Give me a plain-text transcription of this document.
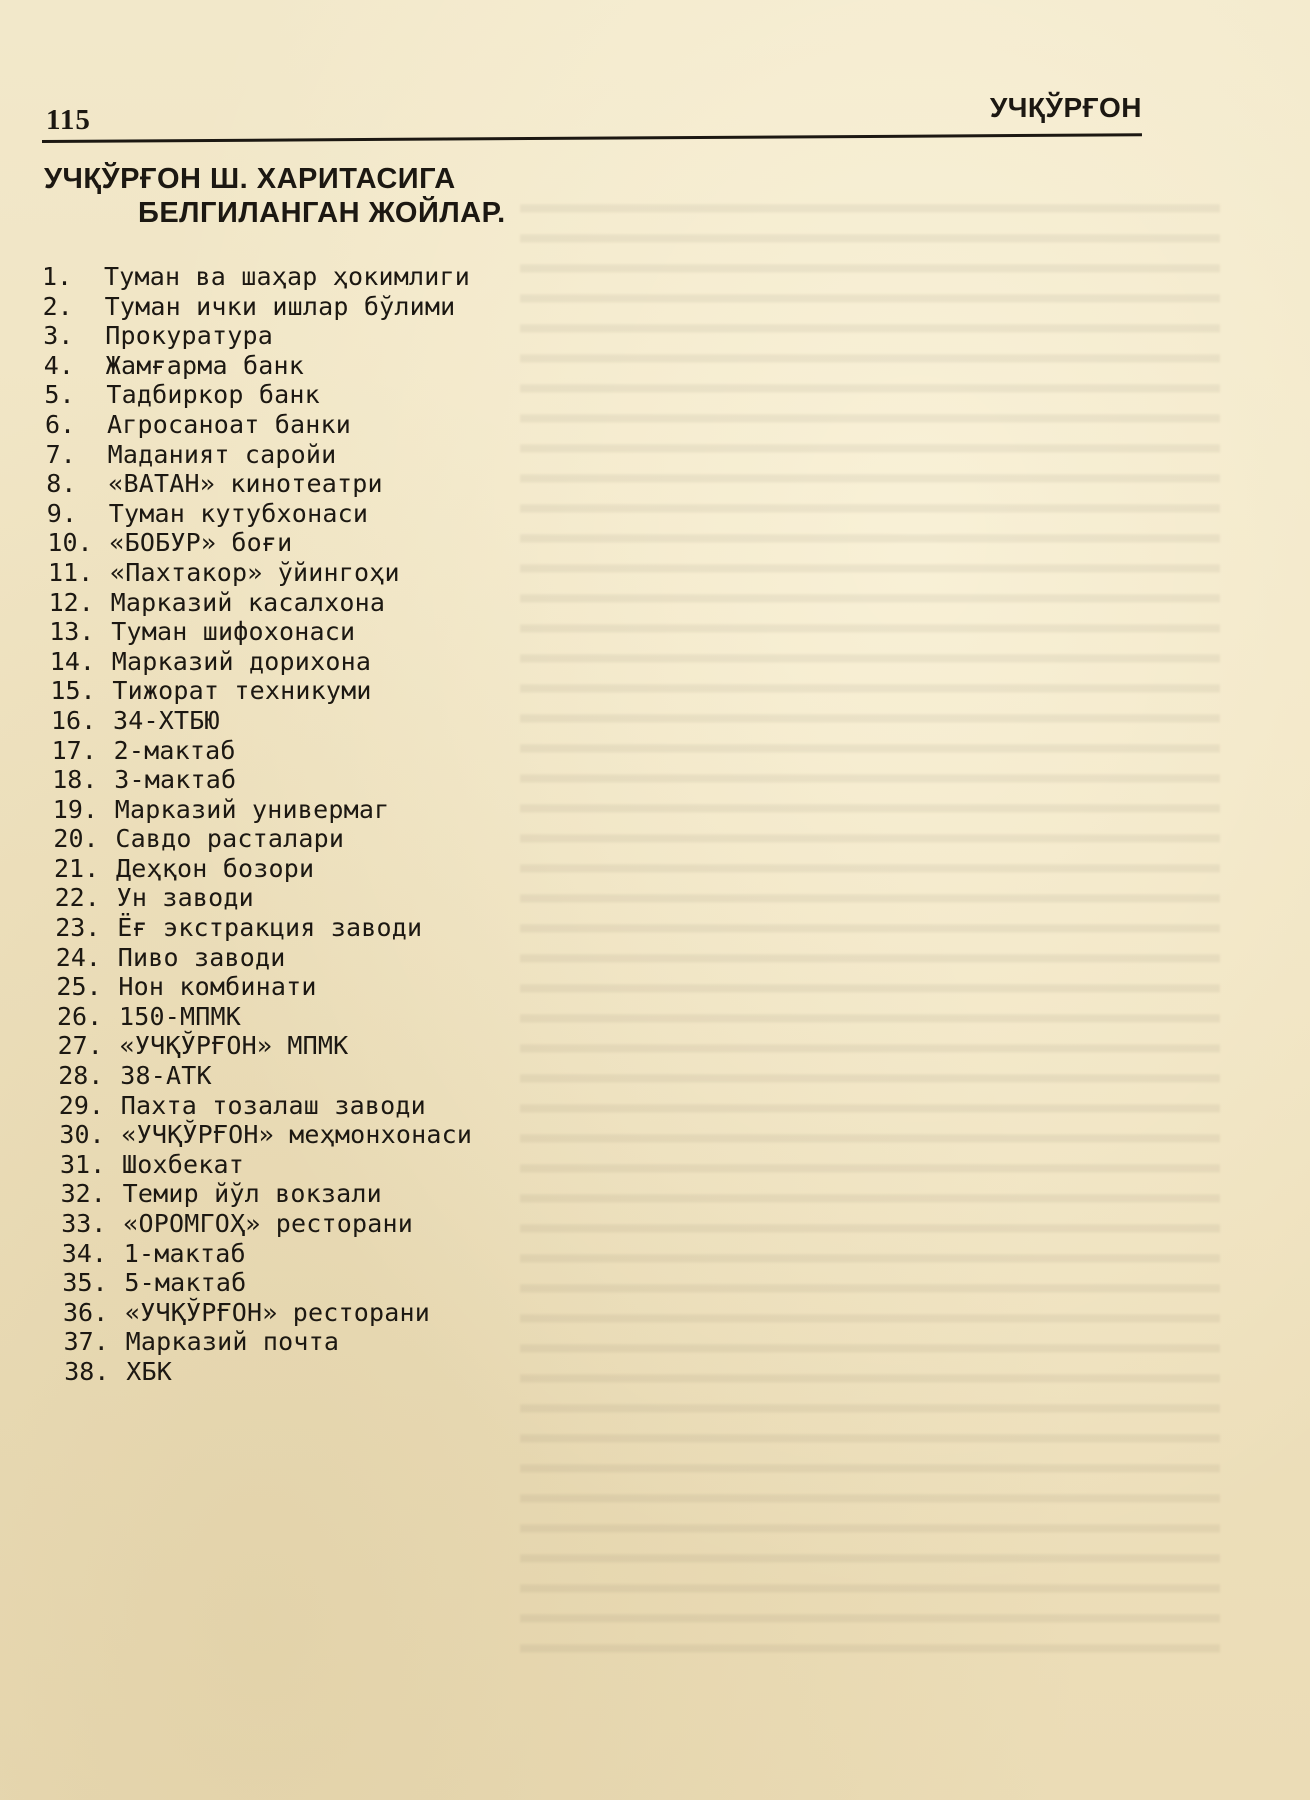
115	УЧҚЎРҒОН
УЧҚЎРҒОН Ш. ХАРИТАСИГА
БЕЛГИЛАНГАН ЖОЙЛАР.
1.	Туман ва шаҳар ҳокимлиги
2.	Туман ички ишлар бўлими
3.	Прокуратура
4.	Жамғарма банк
5.	Тадбиркор банк
6.	Агросаноат банки
7.	Маданият саройи
8.	«ВАТАН» кинотеатри
9.	Туман кутубхонаси
10. «БОБУР» боғи
11. «Пахтакор» ўйингоҳи
12. Марказий касалхона
13. Туман шифохонаси
14. Марказий дорихона
15. Тижорат техникуми
16. 34-ХТБЮ
17. 2-мактаб
18. 3-мактаб
19. Марказий универмаг
20. Савдо расталари
21. Деҳқон бозори
22. Ун заводи
23. Ёғ экстракция заводи
24. Пиво заводи
25. Нон комбинати
26. 150-МПМК
27. «УЧҚЎРҒОН» МПМК
28. 38-АТК
29. Пахта тозалаш заводи
30. «УЧҚЎРҒОН» меҳмонхонаси
31. Шохбекат
32. Темир йўл вокзали
33. «ОРОМГОҲ» ресторани
34. 1-мактаб
35. 5-мактаб
36. «УЧҚЎРҒОН» ресторани
37. Марказий почта
38. ХБК
